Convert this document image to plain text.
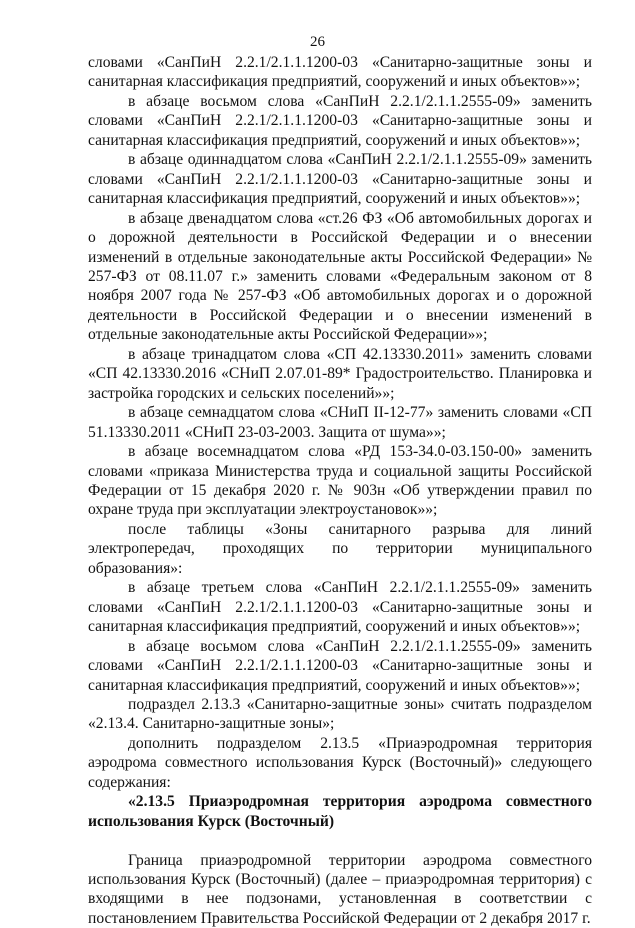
26

словами «СанПиН 2.2.1/2.1.1.1200-03 «Санитарно-защитные зоны и санитарная классификация предприятий, сооружений и иных объектов»»;

в абзаце восьмом слова «СанПиН 2.2.1/2.1.1.2555-09» заменить словами «СанПиН 2.2.1/2.1.1.1200-03 «Санитарно-защитные зоны и санитарная классификация предприятий, сооружений и иных объектов»»;

в абзаце одиннадцатом слова «СанПиН 2.2.1/2.1.1.2555-09» заменить словами «СанПиН 2.2.1/2.1.1.1200-03 «Санитарно-защитные зоны и санитарная классификация предприятий, сооружений и иных объектов»»;

в абзаце двенадцатом слова «ст.26 ФЗ «Об автомобильных дорогах и о дорожной деятельности в Российской Федерации и о внесении изменений в отдельные законодательные акты Российской Федерации» № 257-ФЗ от 08.11.07 г.» заменить словами «Федеральным законом от 8 ноября 2007 года № 257-ФЗ «Об автомобильных дорогах и о дорожной деятельности в Российской Федерации и о внесении изменений в отдельные законодательные акты Российской Федерации»»;

в абзаце тринадцатом слова «СП 42.13330.2011» заменить словами «СП 42.13330.2016 «СНиП 2.07.01-89* Градостроительство. Планировка и застройка городских и сельских поселений»»;

в абзаце семнадцатом слова «СНиП II-12-77» заменить словами «СП 51.13330.2011 «СНиП 23-03-2003. Защита от шума»»;

в абзаце восемнадцатом слова «РД 153-34.0-03.150-00» заменить словами «приказа Министерства труда и социальной защиты Российской Федерации от 15 декабря 2020 г. № 903н «Об утверждении правил по охране труда при эксплуатации электроустановок»»;

после таблицы «Зоны санитарного разрыва для линий электропередач, проходящих по территории муниципального образования»:

в абзаце третьем слова «СанПиН 2.2.1/2.1.1.2555-09» заменить словами «СанПиН 2.2.1/2.1.1.1200-03 «Санитарно-защитные зоны и санитарная классификация предприятий, сооружений и иных объектов»»;

в абзаце восьмом слова «СанПиН 2.2.1/2.1.1.2555-09» заменить словами «СанПиН 2.2.1/2.1.1.1200-03 «Санитарно-защитные зоны и санитарная классификация предприятий, сооружений и иных объектов»»;

подраздел 2.13.3 «Санитарно-защитные зоны» считать подразделом «2.13.4. Санитарно-защитные зоны»;

дополнить подразделом 2.13.5 «Приаэродромная территория аэродрома совместного использования Курск (Восточный)» следующего содержания:

«2.13.5 Приаэродромная территория аэродрома совместного использования Курск (Восточный)

Граница приаэродромной территории аэродрома совместного использования Курск (Восточный) (далее – приаэродромная территория) с входящими в нее подзонами, установленная в соответствии с постановлением Правительства Российской Федерации от 2 декабря 2017 г.
